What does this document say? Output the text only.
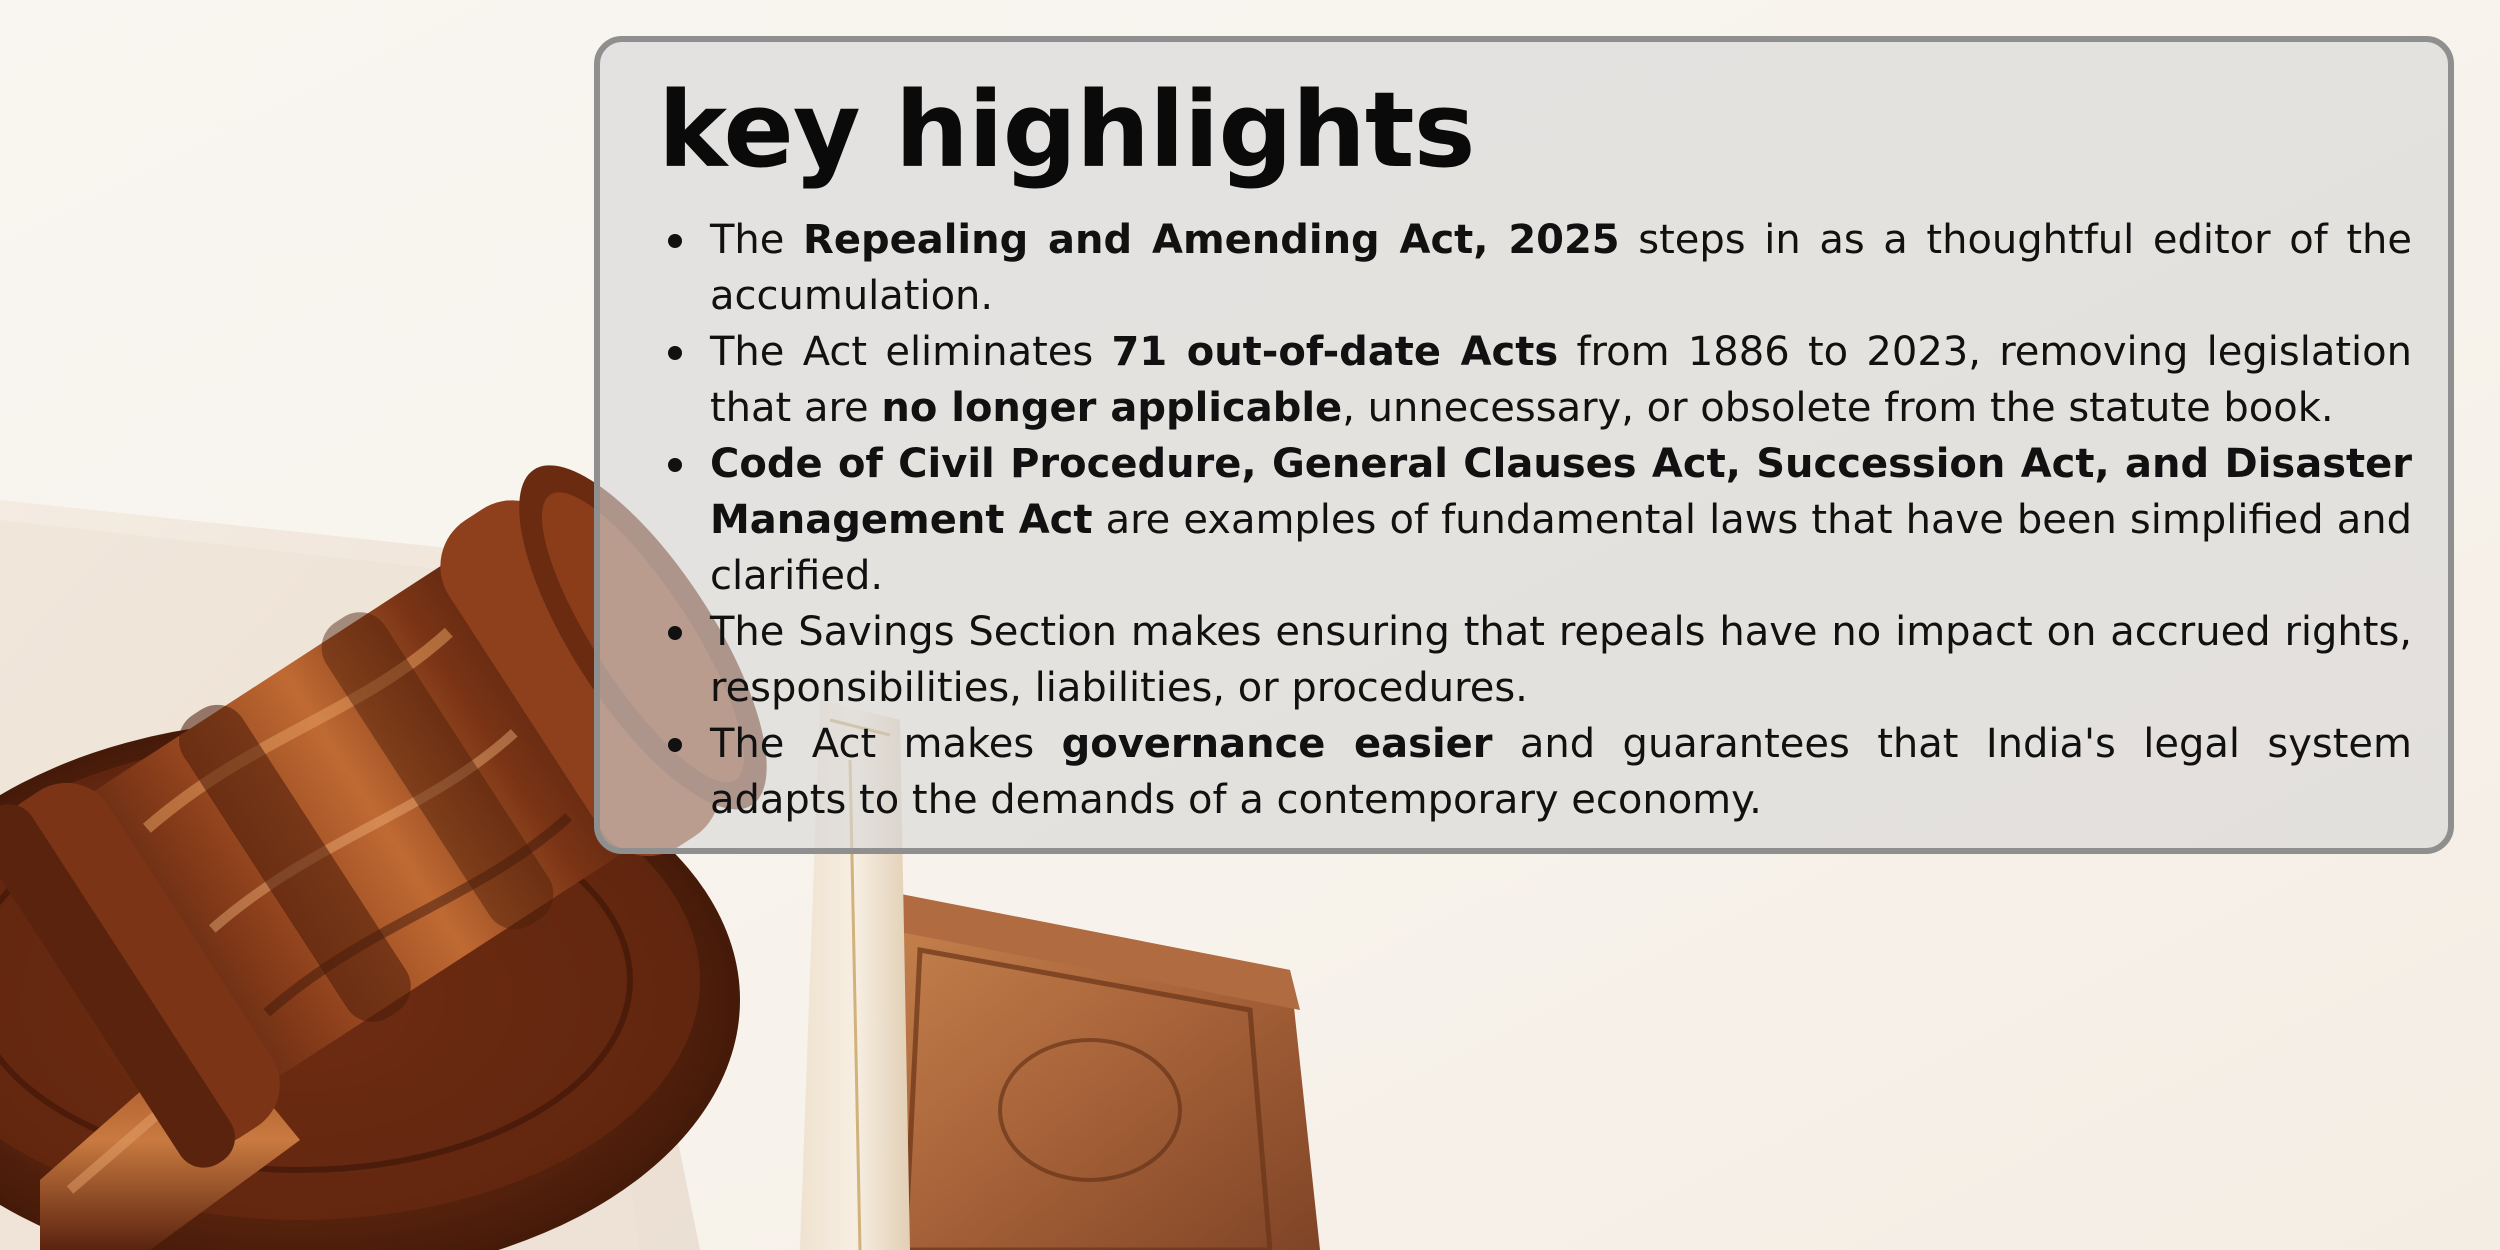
key highlights
The Repealing and Amending Act, 2025 steps in as a thoughtful editor of the accumulation.
The Act eliminates 71 out-of-date Acts from 1886 to 2023, removing legislation that are no longer applicable, unnecessary, or obsolete from the statute book.
Code of Civil Procedure, General Clauses Act, Succession Act, and Disaster Management Act are examples of fundamental laws that have been simplified and clarified.
The Savings Section makes ensuring that repeals have no impact on accrued rights, responsibilities, liabilities, or procedures.
The Act makes governance easier and guarantees that India's legal system adapts to the demands of a contemporary economy.
